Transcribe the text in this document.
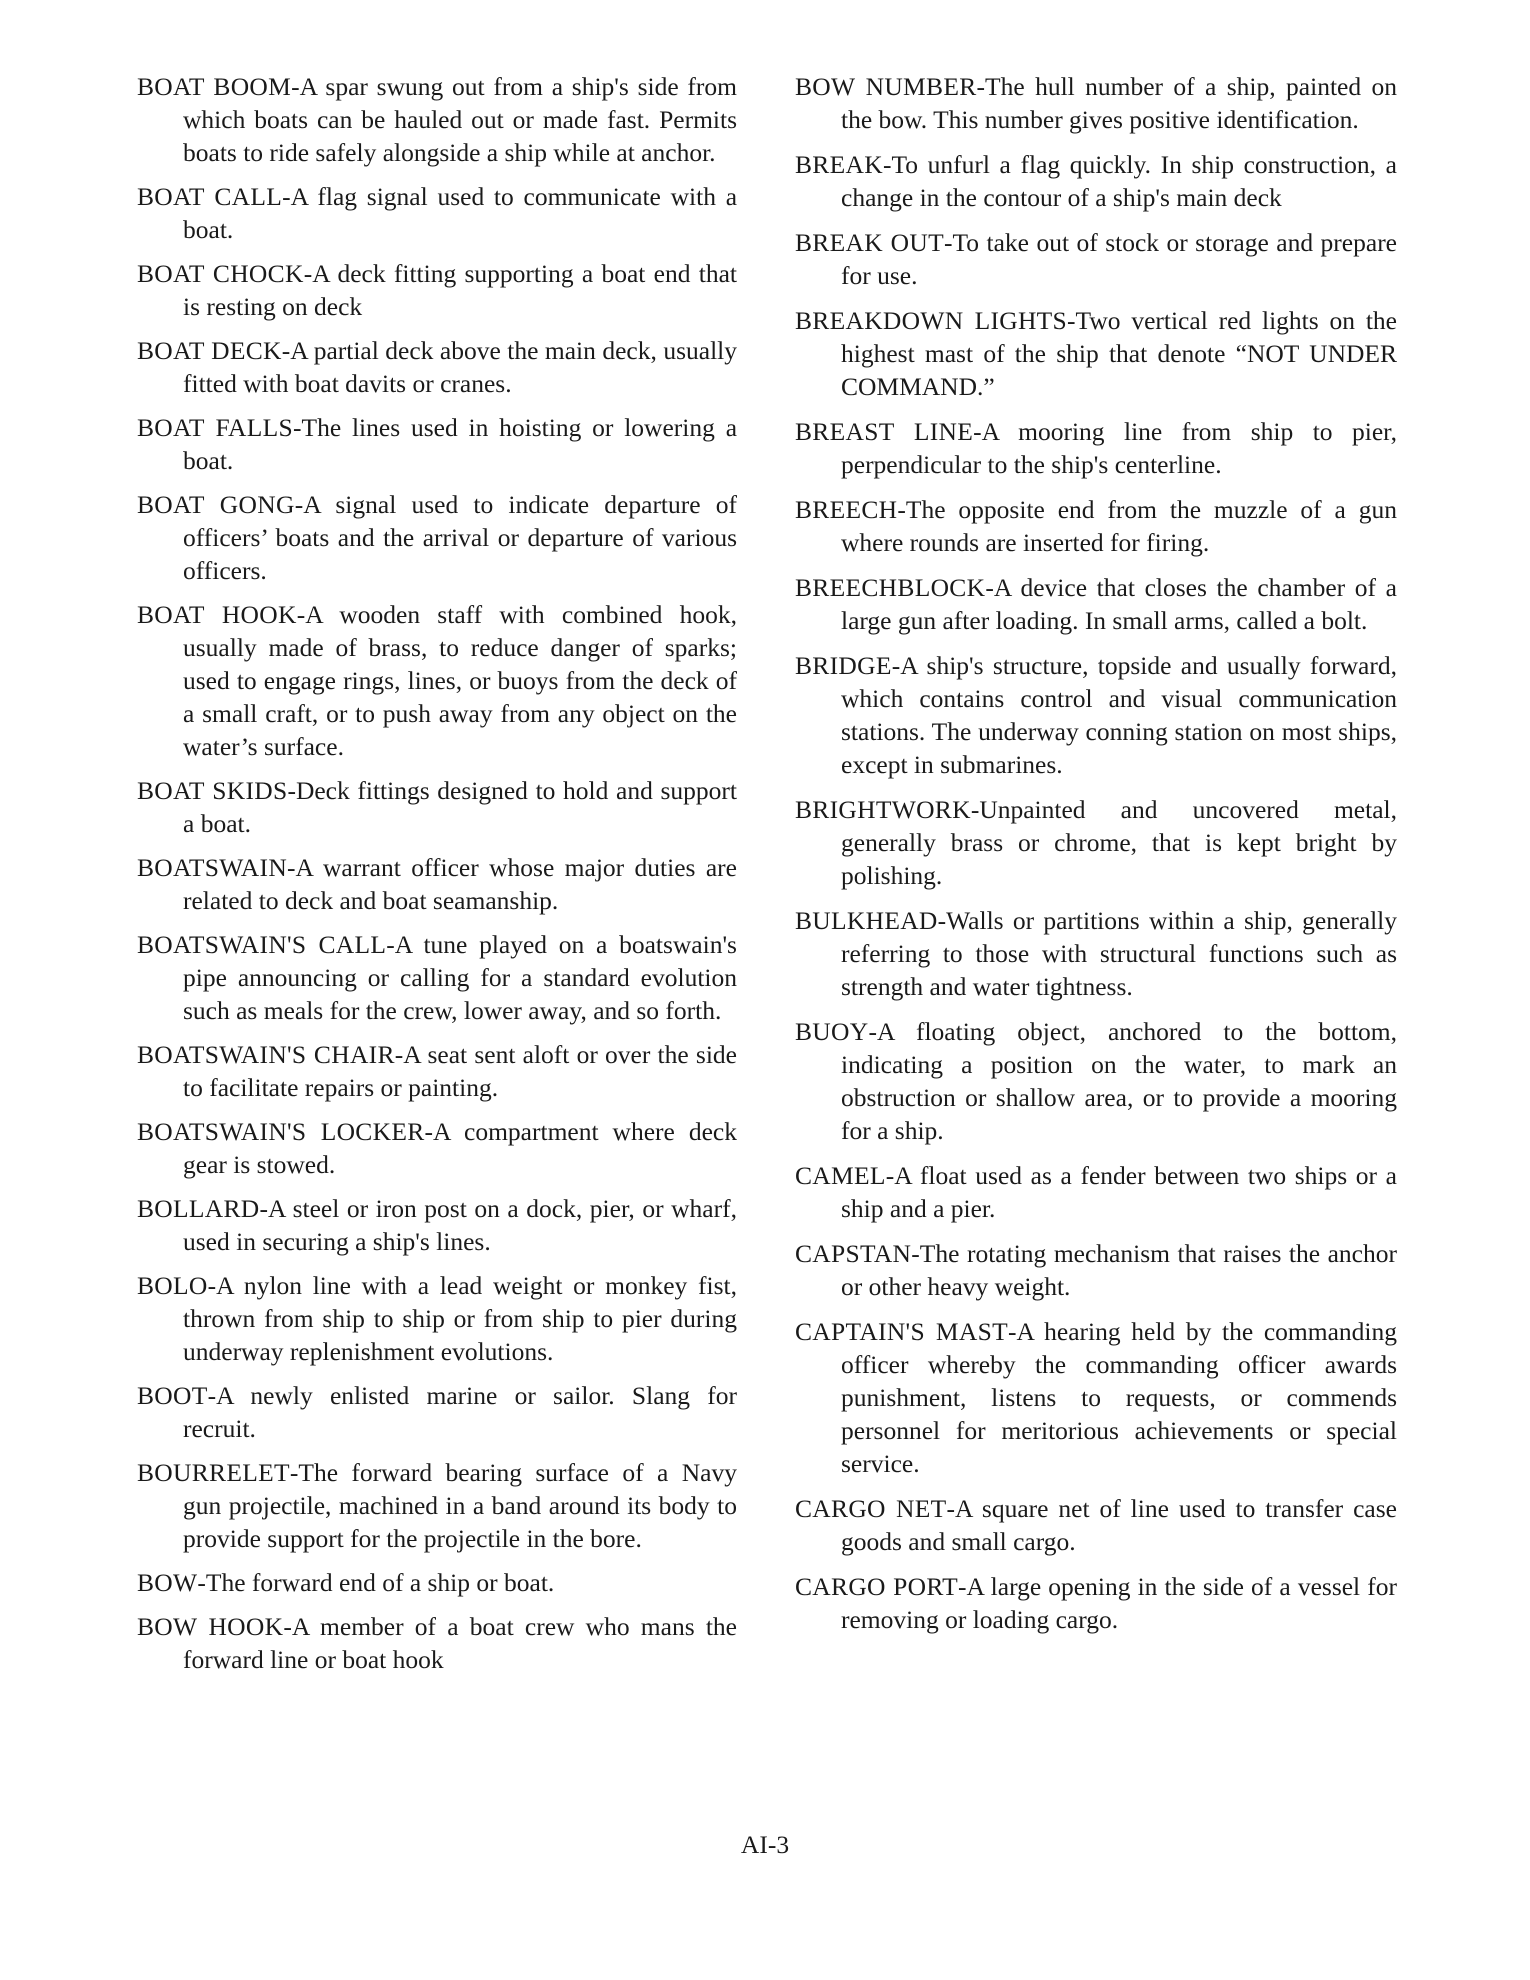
BOAT BOOM-A spar swung out from a ship's side from which boats can be hauled out or made fast. Permits boats to ride safely alongside a ship while at anchor.

BOAT CALL-A flag signal used to communicate with a boat.

BOAT CHOCK-A deck fitting supporting a boat end that is resting on deck

BOAT DECK-A partial deck above the main deck, usually fitted with boat davits or cranes.

BOAT FALLS-The lines used in hoisting or lowering a boat.

BOAT GONG-A signal used to indicate departure of officers’ boats and the arrival or departure of various officers.

BOAT HOOK-A wooden staff with combined hook, usually made of brass, to reduce danger of sparks; used to engage rings, lines, or buoys from the deck of a small craft, or to push away from any object on the water’s surface.

BOAT SKIDS-Deck fittings designed to hold and support a boat.

BOATSWAIN-A warrant officer whose major duties are related to deck and boat seamanship.

BOATSWAIN'S CALL-A tune played on a boatswain's pipe announcing or calling for a standard evolution such as meals for the crew, lower away, and so forth.

BOATSWAIN'S CHAIR-A seat sent aloft or over the side to facilitate repairs or painting.

BOATSWAIN'S LOCKER-A compartment where deck gear is stowed.

BOLLARD-A steel or iron post on a dock, pier, or wharf, used in securing a ship's lines.

BOLO-A nylon line with a lead weight or monkey fist, thrown from ship to ship or from ship to pier during underway replenishment evolutions.

BOOT-A newly enlisted marine or sailor. Slang for recruit.

BOURRELET-The forward bearing surface of a Navy gun projectile, machined in a band around its body to provide support for the projectile in the bore.

BOW-The forward end of a ship or boat.

BOW HOOK-A member of a boat crew who mans the forward line or boat hook

BOW NUMBER-The hull number of a ship, painted on the bow. This number gives positive identification.

BREAK-To unfurl a flag quickly. In ship construction, a change in the contour of a ship's main deck

BREAK OUT-To take out of stock or storage and prepare for use.

BREAKDOWN LIGHTS-Two vertical red lights on the highest mast of the ship that denote “NOT UNDER COMMAND.”

BREAST LINE-A mooring line from ship to pier, perpendicular to the ship's centerline.

BREECH-The opposite end from the muzzle of a gun where rounds are inserted for firing.

BREECHBLOCK-A device that closes the chamber of a large gun after loading. In small arms, called a bolt.

BRIDGE-A ship's structure, topside and usually forward, which contains control and visual communication stations. The underway conning station on most ships, except in submarines.

BRIGHTWORK-Unpainted and uncovered metal, generally brass or chrome, that is kept bright by polishing.

BULKHEAD-Walls or partitions within a ship, generally referring to those with structural functions such as strength and water tightness.

BUOY-A floating object, anchored to the bottom, indicating a position on the water, to mark an obstruction or shallow area, or to provide a mooring for a ship.

CAMEL-A float used as a fender between two ships or a ship and a pier.

CAPSTAN-The rotating mechanism that raises the anchor or other heavy weight.

CAPTAIN'S MAST-A hearing held by the commanding officer whereby the commanding officer awards punishment, listens to requests, or commends personnel for meritorious achievements or special service.

CARGO NET-A square net of line used to transfer case goods and small cargo.

CARGO PORT-A large opening in the side of a vessel for removing or loading cargo.

AI-3
